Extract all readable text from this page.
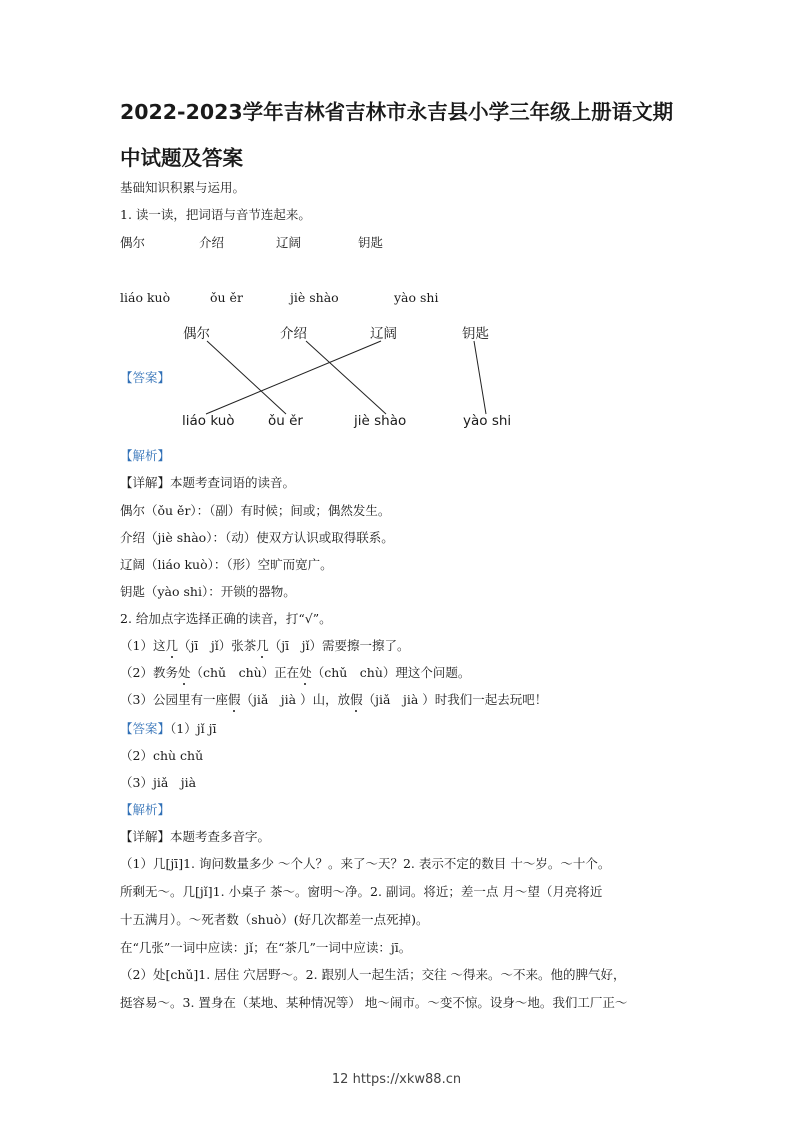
2022-2023学年吉林省吉林市永吉县小学三年级上册语文期
中试题及答案
基础知识积累与运用。
1. 读一读，把词语与音节连起来。
偶尔	介绍	辽阔	钥匙
liáo kuò	ǒu ěr	jiè shào	yào shi
偶尔	介绍	辽阔	钥匙
【答案】
liáo kuò ǒu ěr	jiè shào	yào shi
【解析】
【详解】本题考查词语的读音。
偶尔（ǒu ěr）：（副）有时候；间或；偶然发生。
介绍（jiè shào）：（动）使双方认识或取得联系。
辽阔（liáo kuò）：（形）空旷而宽广。
钥匙（yào shi）：开锁的器物。
2. 给加点字选择正确的读音，打“√”。
（1）这几（jī　jǐ）张茶几（jī　jǐ）需要擦一擦了。
（2）教务处（chǔ　chù）正在处（chǔ　chù）理这个问题。
（3）公园里有一座假（jiǎ　jià ）山，放假（jiǎ　jià ）时我们一起去玩吧！
【答案】（1）jǐ jī
（2）chù chǔ
（3）jiǎ　jià
【解析】
【详解】本题考查多音字。
（1）几[jī]1. 询问数量多少 ～个人？。来了～天？2. 表示不定的数目 十～岁。～十个。
所剩无～。几[jǐ]1. 小桌子 茶～。窗明～净。2. 副词。将近；差一点 月～望（月亮将近
十五满月）。～死者数（shuò）(好几次都差一点死掉)。
在“几张”一词中应读：jǐ；在“茶几”一词中应读：jī。
（2）处[chǔ]1. 居住 穴居野～。2. 跟别人一起生活；交往 ～得来。～不来。他的脾气好，
挺容易～。3. 置身在（某地、某种情况等） 地～闹市。～变不惊。设身～地。我们工厂正～
12 https://xkw88.cn
